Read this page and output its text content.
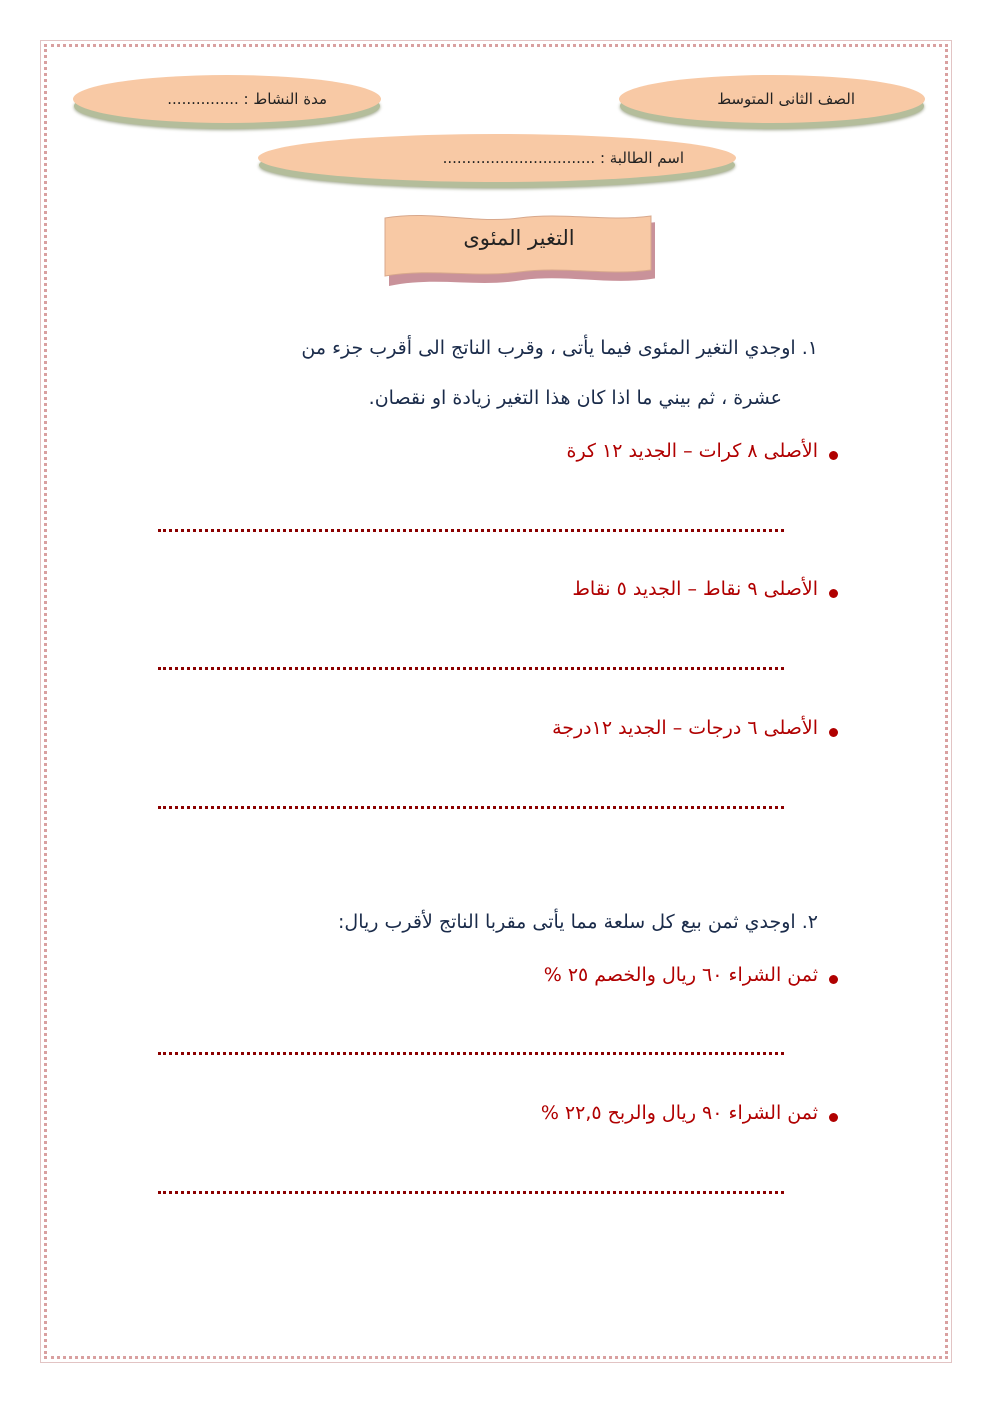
الصف الثانى المتوسط
مدة النشاط : ...............
اسم الطالبة : ................................
التغير المئوى
١. اوجدي التغير المئوى فيما يأتى ، وقرب الناتج الى أقرب جزء من
عشرة ، ثم بيني ما اذا كان هذا التغير زيادة او نقصان.
الأصلى ٨ كرات – الجديد ١٢ كرة
الأصلى ٩ نقاط – الجديد ٥ نقاط
الأصلى ٦ درجات – الجديد ١٢درجة
٢. اوجدي ثمن بيع كل سلعة مما يأتى مقربا الناتج لأقرب ريال:
ثمن الشراء ٦٠ ريال والخصم ٢٥ %
ثمن الشراء ٩٠ ريال والربح ٢٢,٥ %
